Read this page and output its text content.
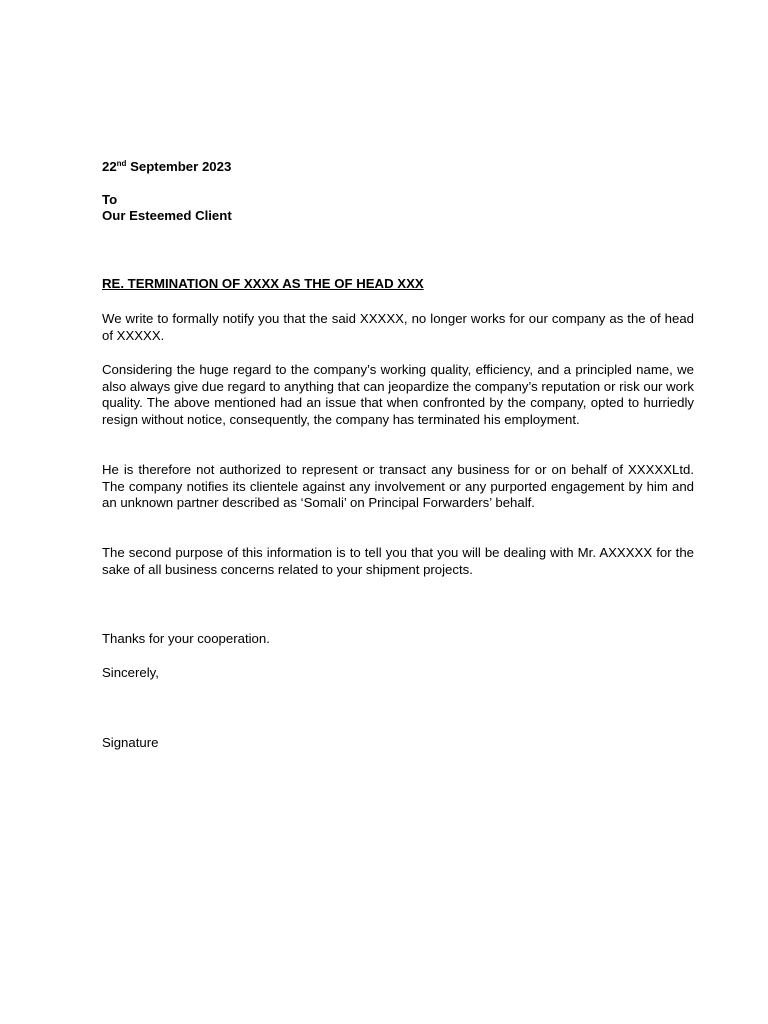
22nd September 2023
To
Our Esteemed Client
RE. TERMINATION OF XXXX AS THE OF HEAD XXX

We write to formally notify you that the said XXXXX, no longer works for our company as the of head of XXXXX.

Considering the huge regard to the company’s working quality, efficiency, and a principled name, we also always give due regard to anything that can jeopardize the company’s reputation or risk our work quality. The above mentioned had an issue that when confronted by the company, opted to hurriedly resign without notice, consequently, the company has terminated his employment.

He is therefore not authorized to represent or transact any business for or on behalf of XXXXXLtd. The company notifies its clientele against any involvement or any purported engagement by him and an unknown partner described as ‘Somali’ on Principal Forwarders’ behalf.

The second purpose of this information is to tell you that you will be dealing with Mr. AXXXXX for the sake of all business concerns related to your shipment projects.

Thanks for your cooperation.
Sincerely,
Signature
